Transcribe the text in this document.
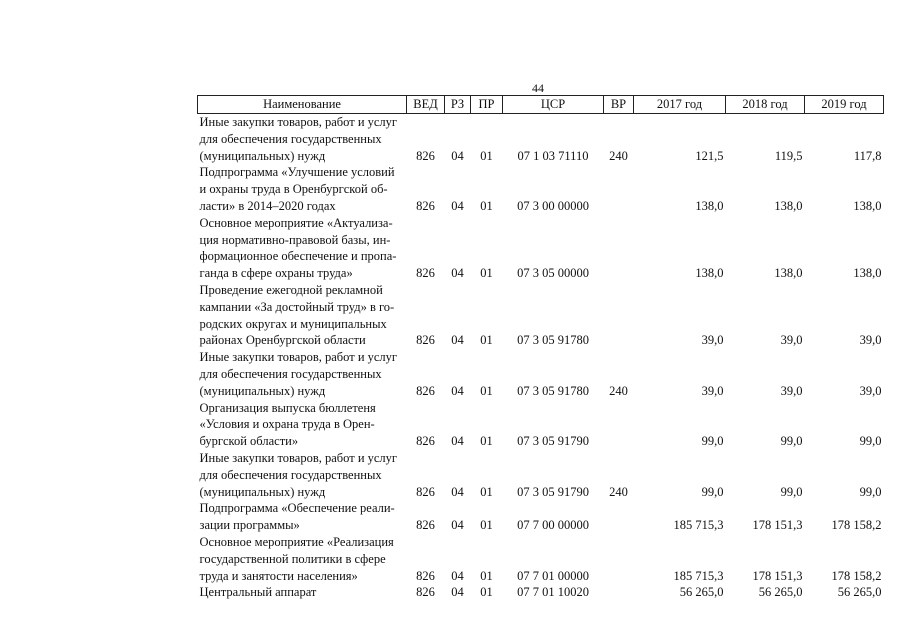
44
Наименование	ВЕД	РЗ	ПР	ЦСР	ВР	2017 год	2018 год	2019 год

Иные закупки товаров, работ и услуг
для обеспечения государственных
(муниципальных) нужд	826	04	01	07 1 03 71110	240	121,5	119,5	117,8

Подпрограмма «Улучшение условий
и охраны труда в Оренбургской об-
ласти» в 2014–2020 годах	826	04	01	07 3 00 00000		138,0	138,0	138,0

Основное мероприятие «Актуализа-
ция нормативно-правовой базы, ин-
формационное обеспечение и пропа-
ганда в сфере охраны труда»	826	04	01	07 3 05 00000		138,0	138,0	138,0

Проведение ежегодной рекламной
кампании «За достойный труд» в го-
родских округах и муниципальных
районах Оренбургской области	826	04	01	07 3 05 91780		39,0	39,0	39,0

Иные закупки товаров, работ и услуг
для обеспечения государственных
(муниципальных) нужд	826	04	01	07 3 05 91780	240	39,0	39,0	39,0

Организация выпуска бюллетеня
«Условия и охрана труда в Орен-
бургской области»	826	04	01	07 3 05 91790		99,0	99,0	99,0

Иные закупки товаров, работ и услуг
для обеспечения государственных
(муниципальных) нужд	826	04	01	07 3 05 91790	240	99,0	99,0	99,0

Подпрограмма «Обеспечение реали-
зации программы»	826	04	01	07 7 00 00000		185 715,3	178 151,3	178 158,2

Основное мероприятие «Реализация
государственной политики в сфере
труда и занятости населения»	826	04	01	07 7 01 00000		185 715,3	178 151,3	178 158,2

Центральный аппарат	826	04	01	07 7 01 10020		56 265,0	56 265,0	56 265,0
